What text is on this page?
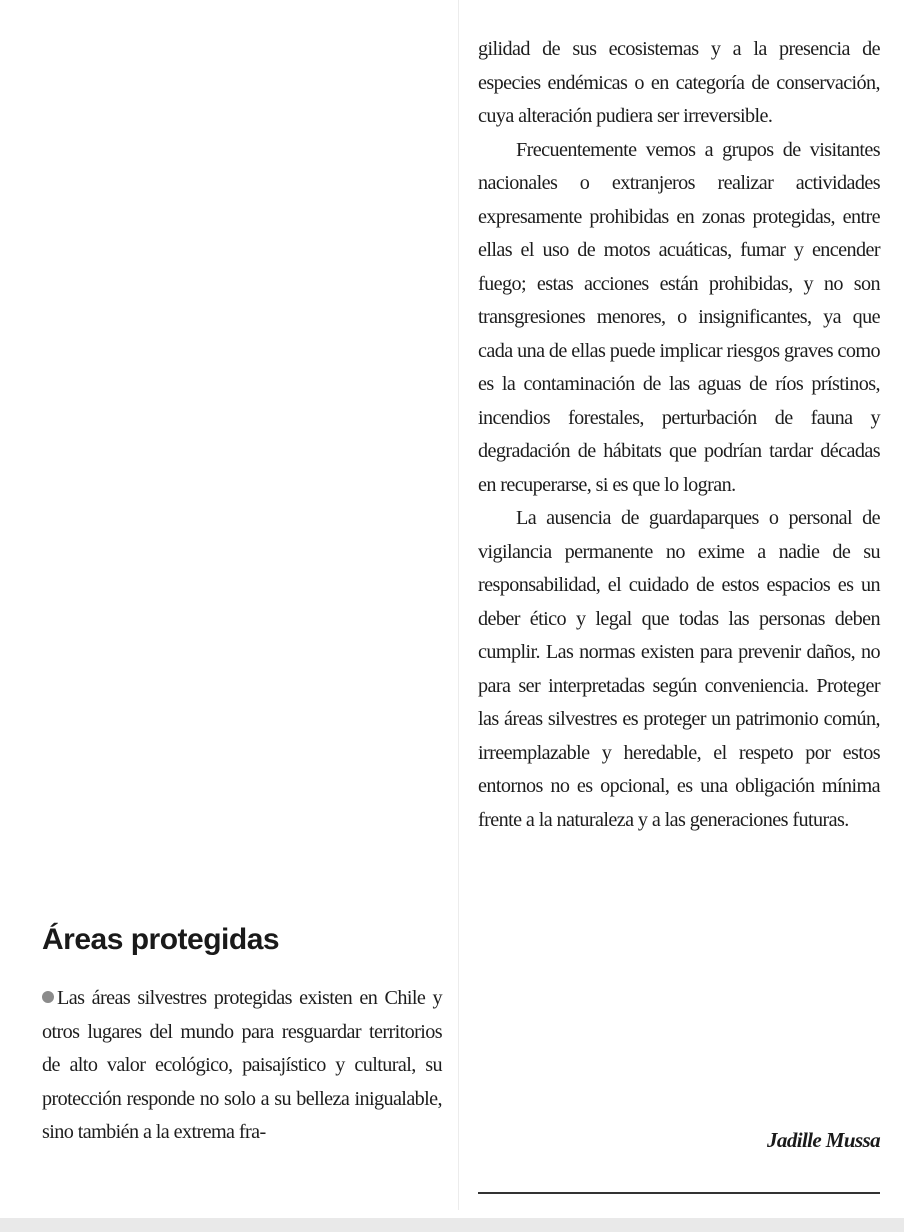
Áreas protegidas

Las áreas silvestres protegidas existen en Chile y otros lugares del mundo para resguardar territorios de alto valor ecológico, paisajístico y cultural, su protección responde no solo a su belleza inigualable, sino también a la extrema fra-

gilidad de sus ecosistemas y a la presencia de especies endémicas o en categoría de conservación, cuya alteración pudiera ser irreversible.

Frecuentemente vemos a grupos de visitantes nacionales o extranjeros realizar actividades expresamente prohibidas en zonas protegidas, entre ellas el uso de motos acuáticas, fumar y encender fuego; estas acciones están prohibidas, y no son transgresiones menores, o insignificantes, ya que cada una de ellas puede implicar riesgos graves como es la contaminación de las aguas de ríos prístinos, incendios forestales, perturbación de fauna y degradación de hábitats que podrían tardar décadas en recuperarse, si es que lo logran.

La ausencia de guardaparques o personal de vigilancia permanente no exime a nadie de su responsabilidad, el cuidado de estos espacios es un deber ético y legal que todas las personas deben cumplir. Las normas existen para prevenir daños, no para ser interpretadas según conveniencia. Proteger las áreas silvestres es proteger un patrimonio común, irreemplazable y heredable, el respeto por estos entornos no es opcional, es una obligación mínima frente a la naturaleza y a las generaciones futuras.

Jadille Mussa
